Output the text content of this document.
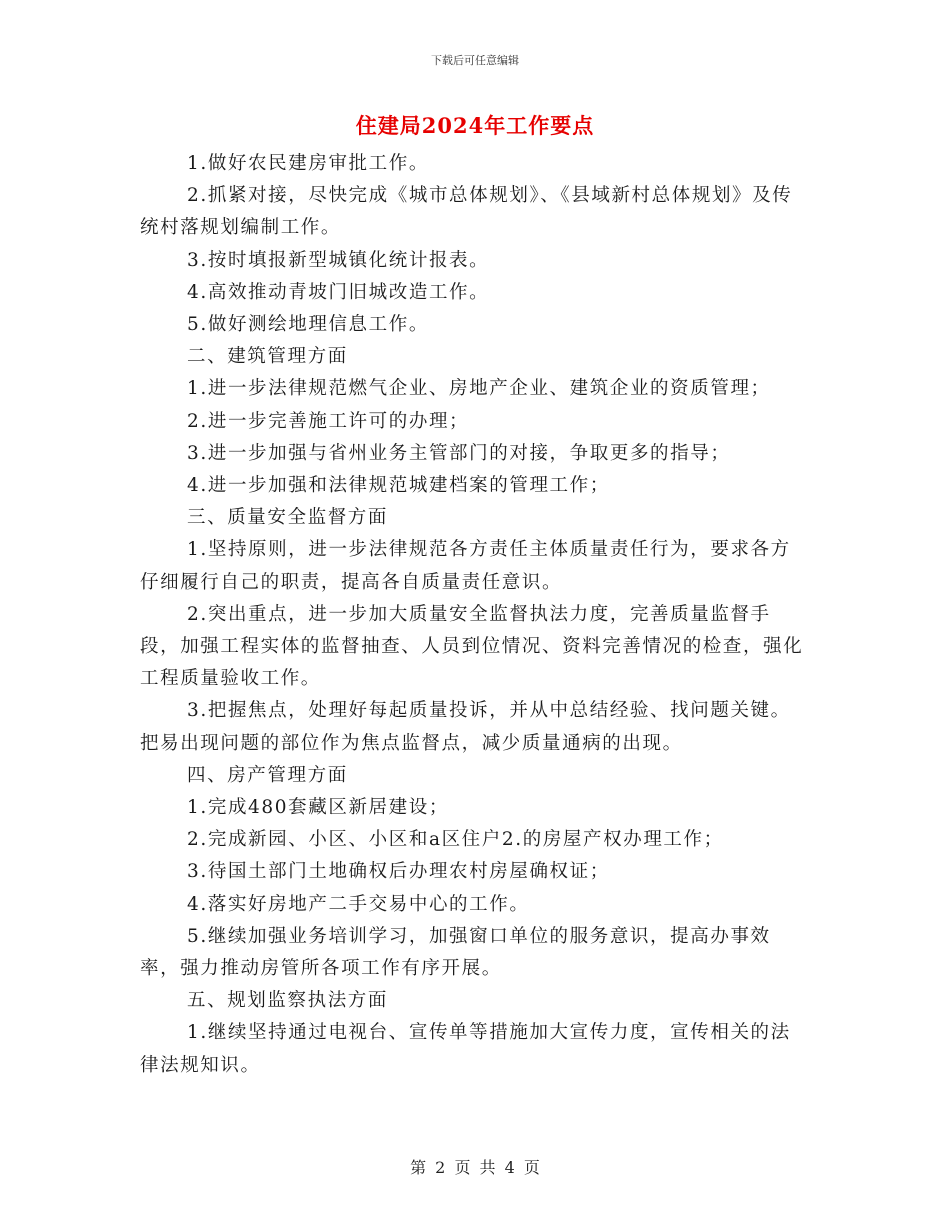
下载后可任意编辑
住建局2024年工作要点

1.做好农民建房审批工作。

2.抓紧对接，尽快完成《城市总体规划》、《县域新村总体规划》及传统村落规划编制工作。

3.按时填报新型城镇化统计报表。

4.高效推动青坡门旧城改造工作。

5.做好测绘地理信息工作。

二、建筑管理方面

1.进一步法律规范燃气企业、房地产企业、建筑企业的资质管理；

2.进一步完善施工许可的办理；

3.进一步加强与省州业务主管部门的对接，争取更多的指导；

4.进一步加强和法律规范城建档案的管理工作；

三、质量安全监督方面

1.坚持原则，进一步法律规范各方责任主体质量责任行为，要求各方仔细履行自己的职责，提高各自质量责任意识。

2.突出重点，进一步加大质量安全监督执法力度，完善质量监督手段，加强工程实体的监督抽查、人员到位情况、资料完善情况的检查，强化工程质量验收工作。

3.把握焦点，处理好每起质量投诉，并从中总结经验、找问题关键。把易出现问题的部位作为焦点监督点，减少质量通病的出现。

四、房产管理方面

1.完成480套藏区新居建设；

2.完成新园、小区、小区和a区住户2.的房屋产权办理工作；

3.待国土部门土地确权后办理农村房屋确权证；

4.落实好房地产二手交易中心的工作。

5.继续加强业务培训学习，加强窗口单位的服务意识，提高办事效率，强力推动房管所各项工作有序开展。

五、规划监察执法方面

1.继续坚持通过电视台、宣传单等措施加大宣传力度，宣传相关的法律法规知识。

第 2 页 共 4 页
